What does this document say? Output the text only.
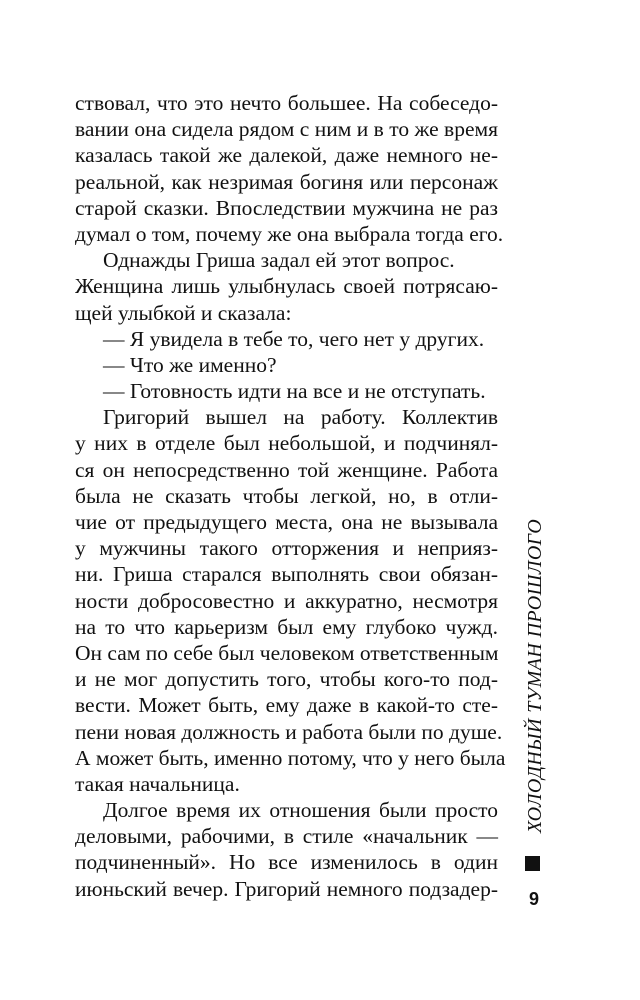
ствовал, что это нечто большее. На собеседо-
вании она сидела рядом с ним и в то же время
казалась такой же далекой, даже немного не-
реальной, как незримая богиня или персонаж
старой сказки. Впоследствии мужчина не раз
думал о том, почему же она выбрала тогда его.
Однажды Гриша задал ей этот вопрос.
Женщина лишь улыбнулась своей потрясаю-
щей улыбкой и сказала:
— Я увидела в тебе то, чего нет у других.
— Что же именно?
— Готовность идти на все и не отступать.
Григорий вышел на работу. Коллектив
у них в отделе был небольшой, и подчинял-
ся он непосредственно той женщине. Работа
была не сказать чтобы легкой, но, в отли-
чие от предыдущего места, она не вызывала
у мужчины такого отторжения и неприяз-
ни. Гриша старался выполнять свои обязан-
ности добросовестно и аккуратно, несмотря
на то что карьеризм был ему глубоко чужд.
Он сам по себе был человеком ответственным
и не мог допустить того, чтобы кого-то под-
вести. Может быть, ему даже в какой-то сте-
пени новая должность и работа были по душе.
А может быть, именно потому, что у него была
такая начальница.
Долгое время их отношения были просто
деловыми, рабочими, в стиле «начальник —
подчиненный». Но все изменилось в один
июньский вечер. Григорий немного подзадер-
ХОЛОДНЫЙ ТУМАН ПРОШЛОГО
9
